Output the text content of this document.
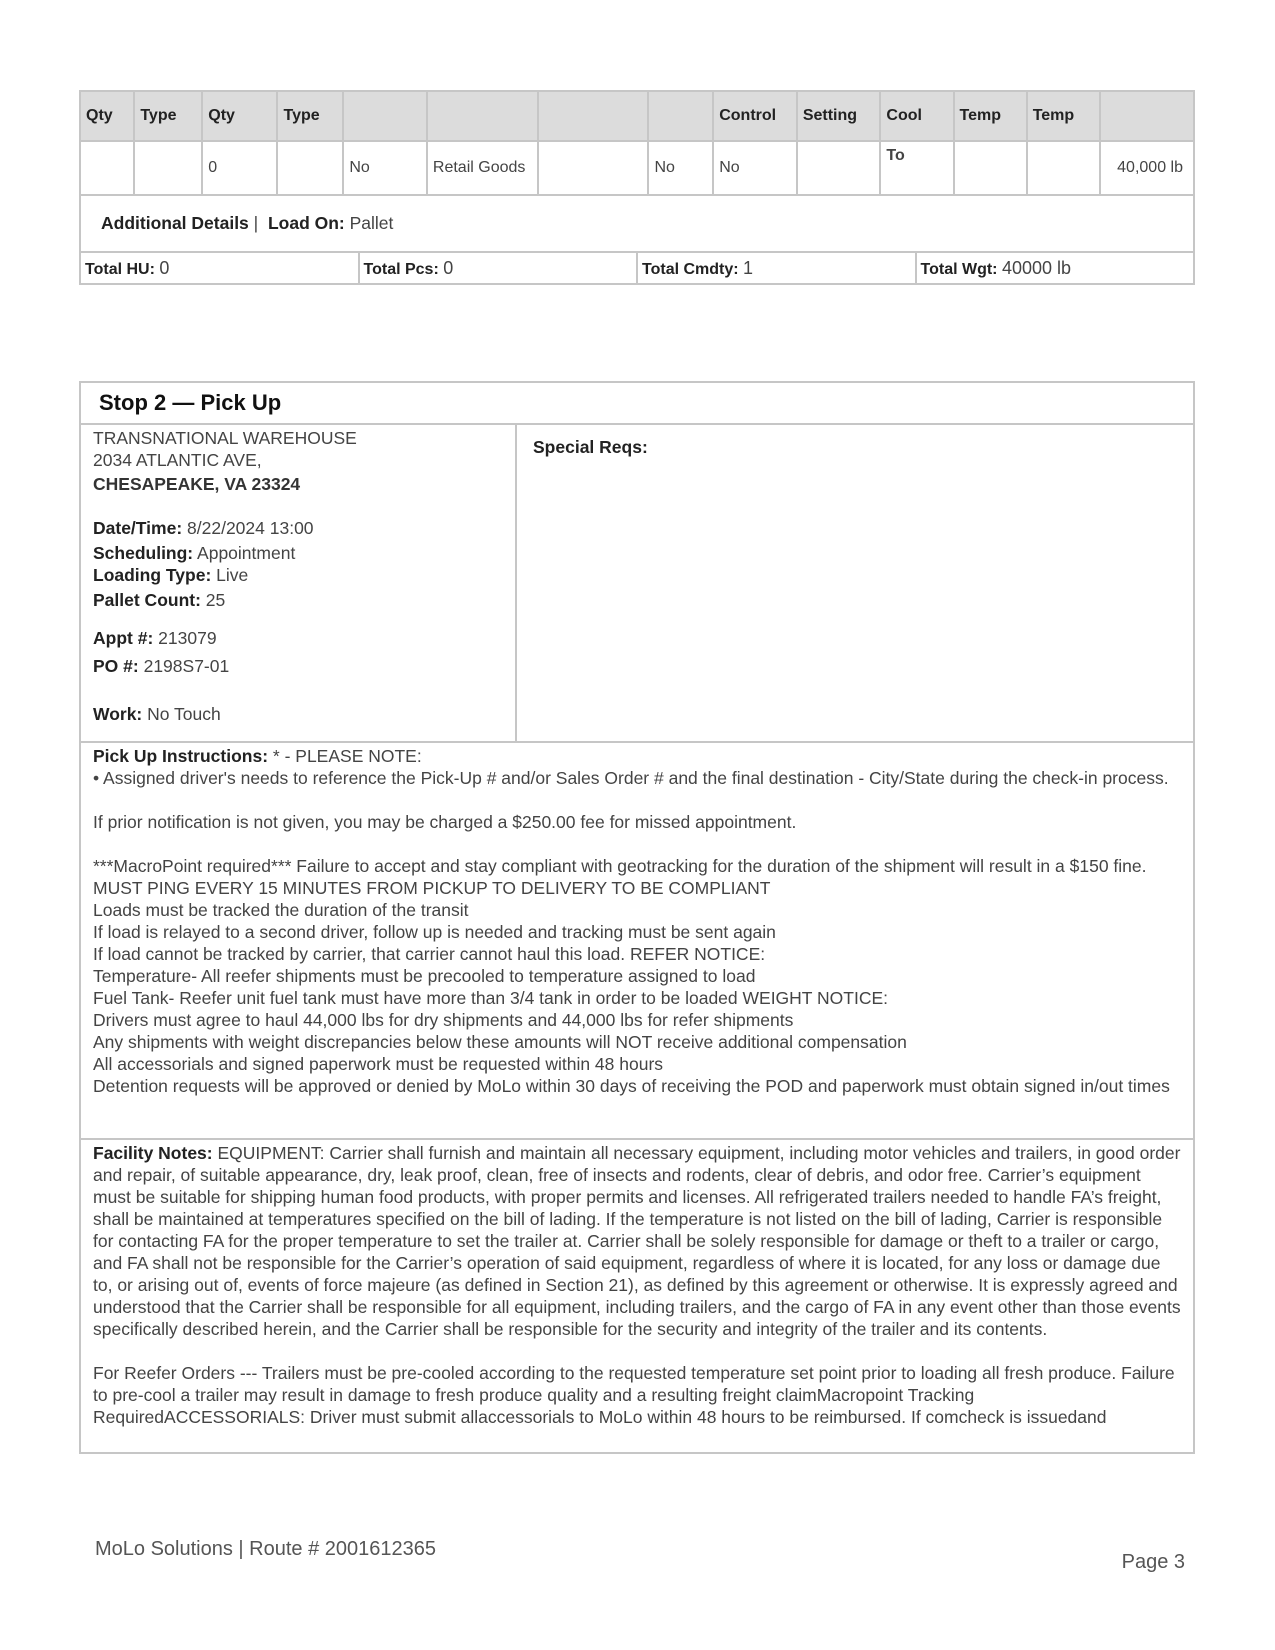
Qty	Type	Qty	Type					Control	Setting	Cool	Temp	Temp	
		0		No	Retail Goods		No	No		To			40,000 lb
Additional Details | Load On: Pallet													

Total HU: 0 Total Pcs: 0 Total Cmdty: 1 Total Wgt: 40000 lb													
Stop 2 — Pick Up
TRANSNATIONAL WAREHOUSE
2034 ATLANTIC AVE,
CHESAPEAKE, VA 23324
Date/Time: 8/22/2024 13:00
Scheduling: Appointment
Loading Type: Live
Pallet Count: 25
Appt #: 213079
PO #: 2198S7-01
Work: No Touch
Special Reqs:

Pick Up Instructions: * - PLEASE NOTE:

• Assigned driver's needs to reference the Pick-Up # and/or Sales Order # and the final destination - City/State during the check-in process.

If prior notification is not given, you may be charged a $250.00 fee for missed appointment.

***MacroPoint required*** Failure to accept and stay compliant with geotracking for the duration of the shipment will result in a $150 fine. MUST PING EVERY 15 MINUTES FROM PICKUP TO DELIVERY TO BE COMPLIANT

Loads must be tracked the duration of the transit

If load is relayed to a second driver, follow up is needed and tracking must be sent again

If load cannot be tracked by carrier, that carrier cannot haul this load. REFER NOTICE:

Temperature- All reefer shipments must be precooled to temperature assigned to load

Fuel Tank- Reefer unit fuel tank must have more than 3/4 tank in order to be loaded WEIGHT NOTICE:

Drivers must agree to haul 44,000 lbs for dry shipments and 44,000 lbs for refer shipments

Any shipments with weight discrepancies below these amounts will NOT receive additional compensation

All accessorials and signed paperwork must be requested within 48 hours

Detention requests will be approved or denied by MoLo within 30 days of receiving the POD and paperwork must obtain signed in/out times

Facility Notes: EQUIPMENT: Carrier shall furnish and maintain all necessary equipment, including motor vehicles and trailers, in good order and repair, of suitable appearance, dry, leak proof, clean, free of insects and rodents, clear of debris, and odor free. Carrier’s equipment must be suitable for shipping human food products, with proper permits and licenses. All refrigerated trailers needed to handle FA’s freight, shall be maintained at temperatures specified on the bill of lading. If the temperature is not listed on the bill of lading, Carrier is responsible for contacting FA for the proper temperature to set the trailer at. Carrier shall be solely responsible for damage or theft to a trailer or cargo, and FA shall not be responsible for the Carrier’s operation of said equipment, regardless of where it is located, for any loss or damage due to, or arising out of, events of force majeure (as defined in Section 21), as defined by this agreement or otherwise. It is expressly agreed and understood that the Carrier shall be responsible for all equipment, including trailers, and the cargo of FA in any event other than those events specifically described herein, and the Carrier shall be responsible for the security and integrity of the trailer and its contents.
For Reefer Orders --- Trailers must be pre-cooled according to the requested temperature set point prior to loading all fresh produce. Failure to pre-cool a trailer may result in damage to fresh produce quality and a resulting freight claimMacropoint Tracking RequiredACCESSORIALS: Driver must submit allaccessorials to MoLo within 48 hours to be reimbursed. If comcheck is issuedand
MoLo Solutions | Route # 2001612365
Page 3
